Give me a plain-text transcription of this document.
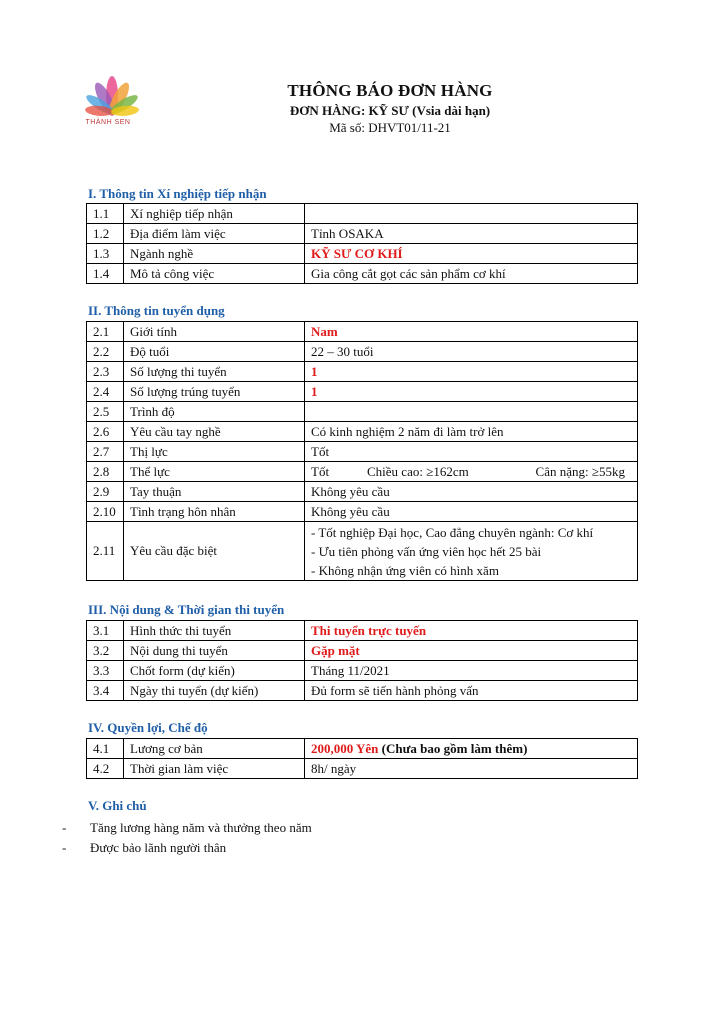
THÀNH SEN
THÔNG BÁO ĐƠN HÀNG
ĐƠN HÀNG: KỸ SƯ (Vsia dài hạn)
Mã số: DHVT01/11-21
I. Thông tin Xí nghiệp tiếp nhận
1.1	Xí nghiệp tiếp nhận	
1.2	Địa điểm làm việc	Tỉnh OSAKA
1.3	Ngành nghề	KỸ SƯ CƠ KHÍ
1.4	Mô tả công việc	Gia công cắt gọt các sản phẩm cơ khí
II. Thông tin tuyển dụng
2.1	Giới tính	Nam
2.2	Độ tuổi	22 – 30 tuổi
2.3	Số lượng thi tuyển	1
2.4	Số lượng trúng tuyển	1
2.5	Trình độ	
2.6	Yêu cầu tay nghề	Có kinh nghiệm 2 năm đi làm trở lên
2.7	Thị lực	Tốt
2.8	Thể lực	Tốt Chiều cao: ≥162cm Cân nặng: ≥55kg
2.9	Tay thuận	Không yêu cầu
2.10	Tình trạng hôn nhân	Không yêu cầu
2.11	Yêu cầu đặc biệt	- Tốt nghiệp Đại học, Cao đẳng chuyên ngành: Cơ khí
- Ưu tiên phỏng vấn ứng viên học hết 25 bài
- Không nhận ứng viên có hình xăm
III. Nội dung & Thời gian thi tuyển
3.1	Hình thức thi tuyển	Thi tuyển trực tuyến
3.2	Nội dung thi tuyển	Gặp mặt
3.3	Chốt form (dự kiến)	Tháng 11/2021
3.4	Ngày thi tuyển (dự kiến)	Đủ form sẽ tiến hành phỏng vấn
IV. Quyền lợi, Chế độ
4.1	Lương cơ bản	200,000 Yên (Chưa bao gồm làm thêm)
4.2	Thời gian làm việc	8h/ ngày
V. Ghi chú
- Tăng lương hàng năm và thưởng theo năm
- Được bảo lãnh người thân
